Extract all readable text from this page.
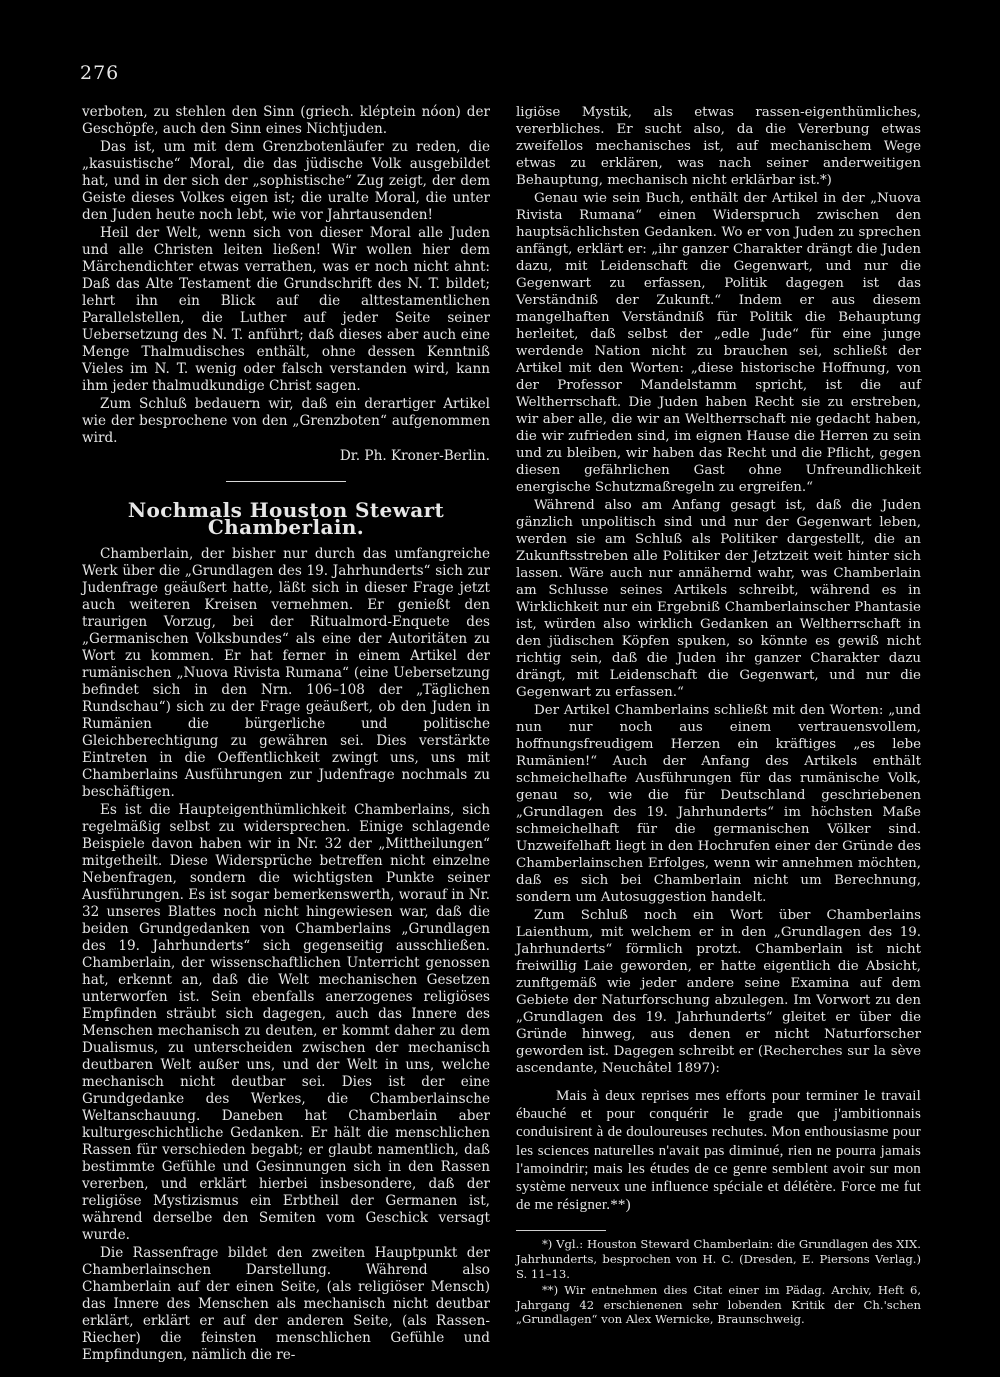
276

verboten, zu stehlen den Sinn (griech. kléptein nóon) der Geschöpfe, auch den Sinn eines Nichtjuden.

Das ist, um mit dem Grenzbotenläufer zu reden, die „kasuistische“ Moral, die das jüdische Volk ausgebildet hat, und in der sich der „sophistische“ Zug zeigt, der dem Geiste dieses Volkes eigen ist; die uralte Moral, die unter den Juden heute noch lebt, wie vor Jahrtausenden!

Heil der Welt, wenn sich von dieser Moral alle Juden und alle Christen leiten ließen! Wir wollen hier dem Märchendichter etwas verrathen, was er noch nicht ahnt: Daß das Alte Testament die Grundschrift des N. T. bildet; lehrt ihn ein Blick auf die alttestamentlichen Parallelstellen, die Luther auf jeder Seite seiner Uebersetzung des N. T. anführt; daß dieses aber auch eine Menge Thalmudisches enthält, ohne dessen Kenntniß Vieles im N. T. wenig oder falsch verstanden wird, kann ihm jeder thalmudkundige Christ sagen.

Zum Schluß bedauern wir, daß ein derartiger Artikel wie der besprochene von den „Grenzboten“ aufgenommen wird.

Dr. Ph. Kroner-Berlin.
Nochmals Houston Stewart Chamberlain.

Chamberlain, der bisher nur durch das umfangreiche Werk über die „Grundlagen des 19. Jahrhunderts“ sich zur Judenfrage geäußert hatte, läßt sich in dieser Frage jetzt auch weiteren Kreisen vernehmen. Er genießt den traurigen Vorzug, bei der Ritualmord-Enquete des „Germanischen Volksbundes“ als eine der Autoritäten zu Wort zu kommen. Er hat ferner in einem Artikel der rumänischen „Nuova Rivista Rumana“ (eine Uebersetzung befindet sich in den Nrn. 106–108 der „Täglichen Rundschau“) sich zu der Frage geäußert, ob den Juden in Rumänien die bürgerliche und politische Gleichberechtigung zu gewähren sei. Dies verstärkte Eintreten in die Oeffentlichkeit zwingt uns, uns mit Chamberlains Ausführungen zur Judenfrage nochmals zu beschäftigen.

Es ist die Haupteigenthümlichkeit Chamberlains, sich regelmäßig selbst zu widersprechen. Einige schlagende Beispiele davon haben wir in Nr. 32 der „Mittheilungen“ mitgetheilt. Diese Widersprüche betreffen nicht einzelne Nebenfragen, sondern die wichtigsten Punkte seiner Ausführungen. Es ist sogar bemerkenswerth, worauf in Nr. 32 unseres Blattes noch nicht hingewiesen war, daß die beiden Grundgedanken von Chamberlains „Grundlagen des 19. Jahrhunderts“ sich gegenseitig ausschließen. Chamberlain, der wissenschaftlichen Unterricht genossen hat, erkennt an, daß die Welt mechanischen Gesetzen unterworfen ist. Sein ebenfalls anerzogenes religiöses Empfinden sträubt sich dagegen, auch das Innere des Menschen mechanisch zu deuten, er kommt daher zu dem Dualismus, zu unterscheiden zwischen der mechanisch deutbaren Welt außer uns, und der Welt in uns, welche mechanisch nicht deutbar sei. Dies ist der eine Grundgedanke des Werkes, die Chamberlainsche Weltanschauung. Daneben hat Chamberlain aber kulturgeschichtliche Gedanken. Er hält die menschlichen Rassen für verschieden begabt; er glaubt namentlich, daß bestimmte Gefühle und Gesinnungen sich in den Rassen vererben, und erklärt hierbei insbesondere, daß der religiöse Mystizismus ein Erbtheil der Germanen ist, während derselbe den Semiten vom Geschick versagt wurde.

Die Rassenfrage bildet den zweiten Hauptpunkt der Chamberlainschen Darstellung. Während also Chamberlain auf der einen Seite, (als religiöser Mensch) das Innere des Menschen als mechanisch nicht deutbar erklärt, erklärt er auf der anderen Seite, (als Rassen-Riecher) die feinsten menschlichen Gefühle und Empfindungen, nämlich die re-

ligiöse Mystik, als etwas rassen-eigenthümliches, vererbliches. Er sucht also, da die Vererbung etwas zweifellos mechanisches ist, auf mechanischem Wege etwas zu erklären, was nach seiner anderweitigen Behauptung, mechanisch nicht erklärbar ist.*)

Genau wie sein Buch, enthält der Artikel in der „Nuova Rivista Rumana“ einen Widerspruch zwischen den hauptsächlichsten Gedanken. Wo er von Juden zu sprechen anfängt, erklärt er: „ihr ganzer Charakter drängt die Juden dazu, mit Leidenschaft die Gegenwart, und nur die Gegenwart zu erfassen, Politik dagegen ist das Verständniß der Zukunft.“ Indem er aus diesem mangelhaften Verständniß für Politik die Behauptung herleitet, daß selbst der „edle Jude“ für eine junge werdende Nation nicht zu brauchen sei, schließt der Artikel mit den Worten: „diese historische Hoffnung, von der Professor Mandelstamm spricht, ist die auf Weltherrschaft. Die Juden haben Recht sie zu erstreben, wir aber alle, die wir an Weltherrschaft nie gedacht haben, die wir zufrieden sind, im eignen Hause die Herren zu sein und zu bleiben, wir haben das Recht und die Pflicht, gegen diesen gefährlichen Gast ohne Unfreundlichkeit energische Schutzmaßregeln zu ergreifen.“

Während also am Anfang gesagt ist, daß die Juden gänzlich unpolitisch sind und nur der Gegenwart leben, werden sie am Schluß als Politiker dargestellt, die an Zukunftsstreben alle Politiker der Jetztzeit weit hinter sich lassen. Wäre auch nur annähernd wahr, was Chamberlain am Schlusse seines Artikels schreibt, während es in Wirklichkeit nur ein Ergebniß Chamberlainscher Phantasie ist, würden also wirklich Gedanken an Weltherrschaft in den jüdischen Köpfen spuken, so könnte es gewiß nicht richtig sein, daß die Juden ihr ganzer Charakter dazu drängt, mit Leidenschaft die Gegenwart, und nur die Gegenwart zu erfassen.“

Der Artikel Chamberlains schließt mit den Worten: „und nun nur noch aus einem vertrauensvollem, hoffnungsfreudigem Herzen ein kräftiges „es lebe Rumänien!“ Auch der Anfang des Artikels enthält schmeichelhafte Ausführungen für das rumänische Volk, genau so, wie die für Deutschland geschriebenen „Grundlagen des 19. Jahrhunderts“ im höchsten Maße schmeichelhaft für die germanischen Völker sind. Unzweifelhaft liegt in den Hochrufen einer der Gründe des Chamberlainschen Erfolges, wenn wir annehmen möchten, daß es sich bei Chamberlain nicht um Berechnung, sondern um Autosuggestion handelt.

Zum Schluß noch ein Wort über Chamberlains Laienthum, mit welchem er in den „Grundlagen des 19. Jahrhunderts“ förmlich protzt. Chamberlain ist nicht freiwillig Laie geworden, er hatte eigentlich die Absicht, zunftgemäß wie jeder andere seine Examina auf dem Gebiete der Naturforschung abzulegen. Im Vorwort zu den „Grundlagen des 19. Jahrhunderts“ gleitet er über die Gründe hinweg, aus denen er nicht Naturforscher geworden ist. Dagegen schreibt er (Recherches sur la sève ascendante, Neuchâtel 1897):

Mais à deux reprises mes efforts pour terminer le travail ébauché et pour conquérir le grade que j'ambitionnais conduisirent à de douloureuses rechutes. Mon enthousiasme pour les sciences naturelles n'avait pas diminué, rien ne pourra jamais l'amoindrir; mais les études de ce genre semblent avoir sur mon système nerveux une influence spéciale et délétère. Force me fut de me résigner.**)

*) Vgl.: Houston Steward Chamberlain: die Grundlagen des XIX. Jahrhunderts, besprochen von H. C. (Dresden, E. Piersons Verlag.) S. 11–13.

**) Wir entnehmen dies Citat einer im Pädag. Archiv, Heft 6, Jahrgang 42 erschienenen sehr lobenden Kritik der Ch.'schen „Grundlagen“ von Alex Wernicke, Braunschweig.
